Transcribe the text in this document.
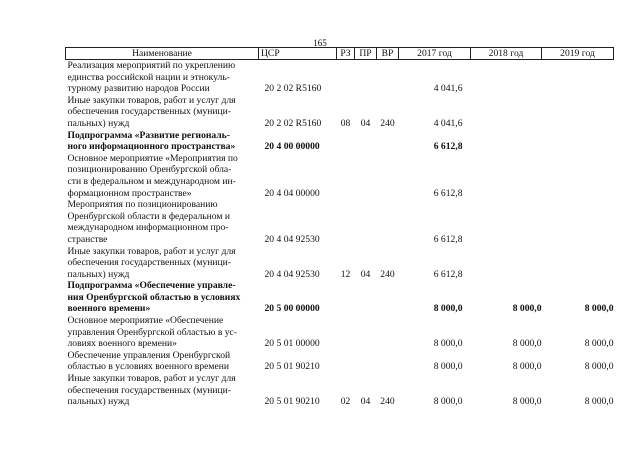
165
Наименование	ЦСР	РЗ	ПР	ВР	2017 год	2018 год	2019 год

Реализация мероприятий по укреплению
единства российской нации и этнокуль-
турному развитию народов России	20 2 02 R5160				4 041,6		

Иные закупки товаров, работ и услуг для
обеспечения государственных (муници-
пальных) нужд	20 2 02 R5160	08	04	240	4 041,6		

Подпрограмма «Развитие региональ-
ного информационного пространства»	20 4 00 00000				6 612,8		

Основное мероприятие «Мероприятия по
позиционированию Оренбургской обла-
сти в федеральном и международном ин-
формационном пространстве»	20 4 04 00000				6 612,8		

Мероприятия по позиционированию
Оренбургской области в федеральном и
международном информационном про-
странстве	20 4 04 92530				6 612,8		

Иные закупки товаров, работ и услуг для
обеспечения государственных (муници-
пальных) нужд	20 4 04 92530	12	04	240	6 612,8		

Подпрограмма «Обеспечение управле-
ния Оренбургской областью в условиях
военного времени»	20 5 00 00000				8 000,0	8 000,0	8 000,0

Основное мероприятие «Обеспечение
управления Оренбургской областью в ус-
ловиях военного времени»	20 5 01 00000				8 000,0	8 000,0	8 000,0

Обеспечение управления Оренбургской
областью в условиях военного времени	20 5 01 90210				8 000,0	8 000,0	8 000,0

Иные закупки товаров, работ и услуг для
обеспечения государственных (муници-
пальных) нужд	20 5 01 90210	02	04	240	8 000,0	8 000,0	8 000,0
